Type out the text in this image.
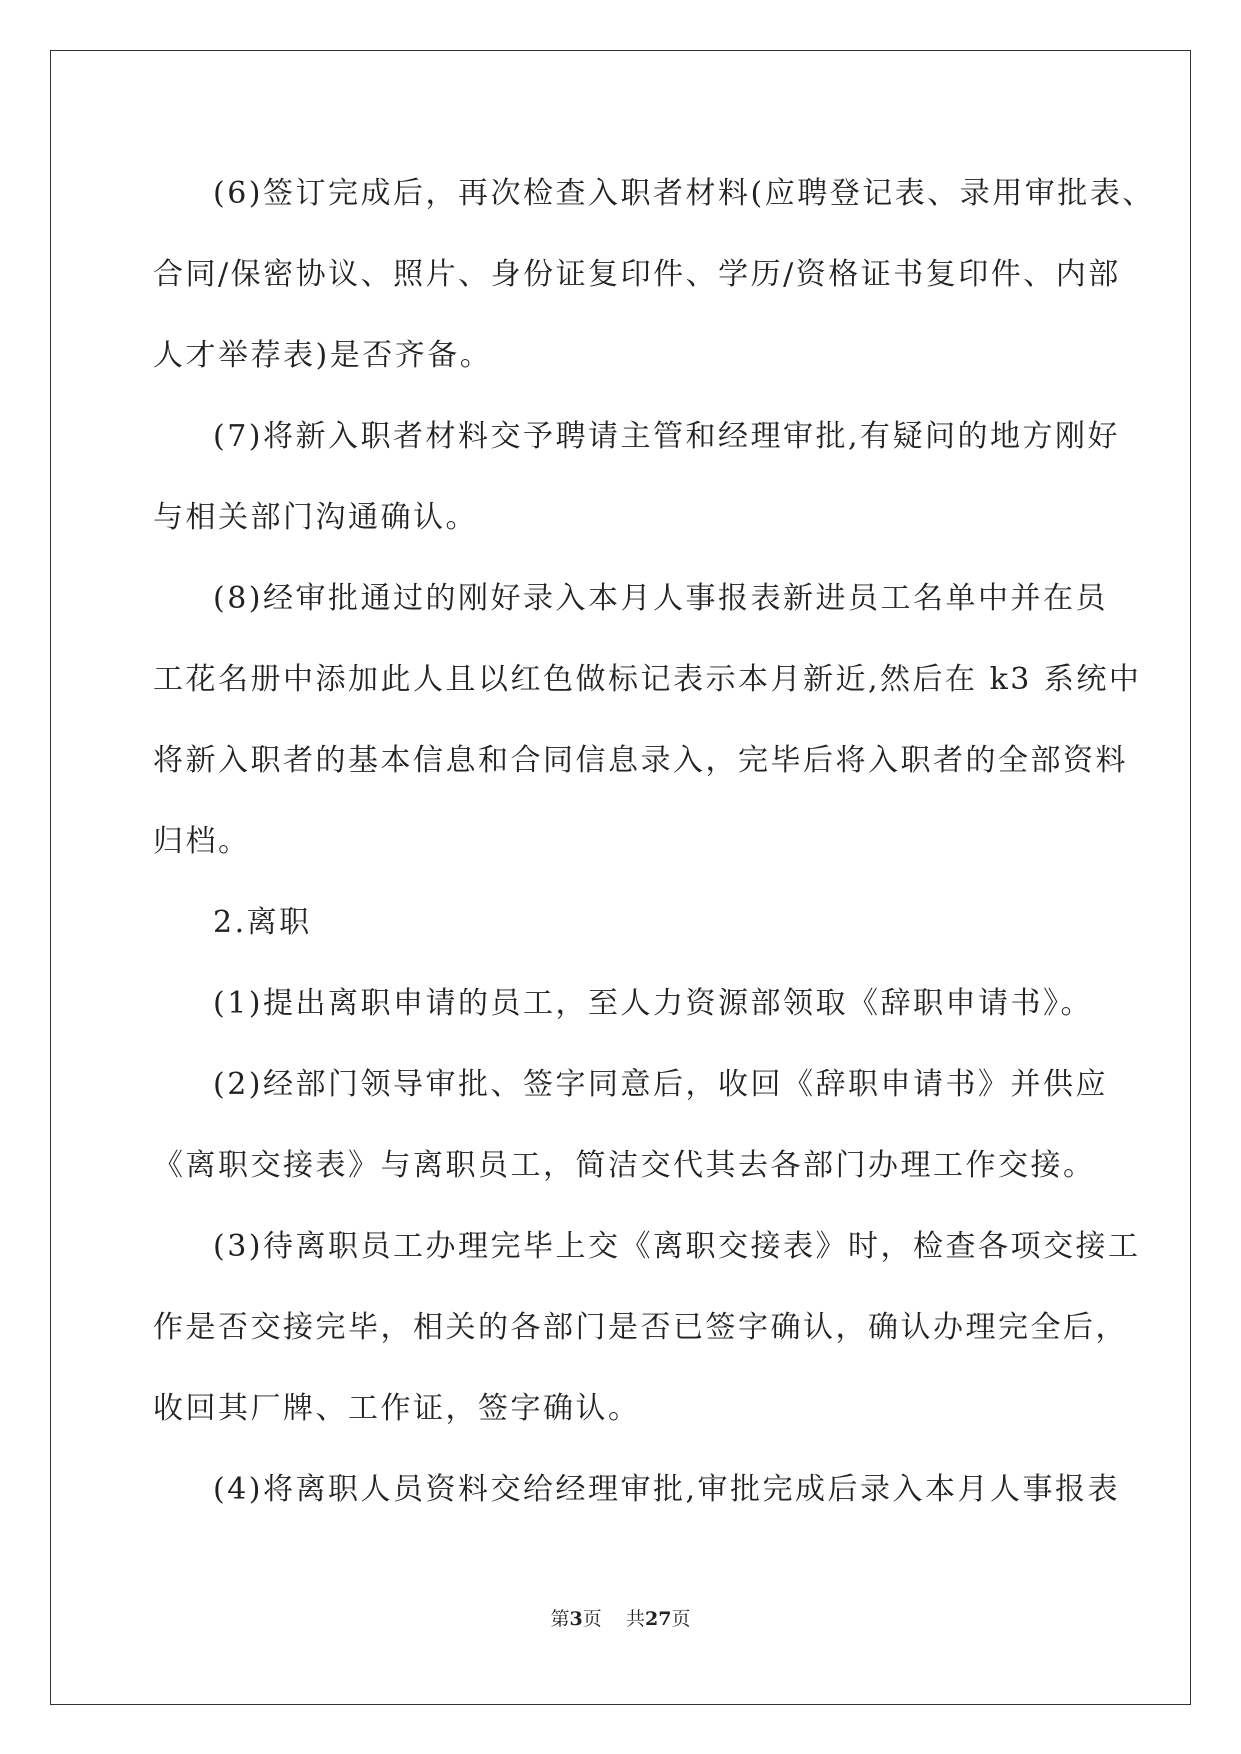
(6)签订完成后，再次检查入职者材料(应聘登记表、录用审批表、

合同/保密协议、照片、身份证复印件、学历/资格证书复印件、内部

人才举荐表)是否齐备。

(7)将新入职者材料交予聘请主管和经理审批,有疑问的地方刚好

与相关部门沟通确认。

(8)经审批通过的刚好录入本月人事报表新进员工名单中并在员

工花名册中添加此人且以红色做标记表示本月新近,然后在 k3 系统中

将新入职者的基本信息和合同信息录入，完毕后将入职者的全部资料

归档。

2.离职

(1)提出离职申请的员工，至人力资源部领取《辞职申请书》。

(2)经部门领导审批、签字同意后，收回《辞职申请书》并供应

《离职交接表》与离职员工，简洁交代其去各部门办理工作交接。

(3)待离职员工办理完毕上交《离职交接表》时，检查各项交接工

作是否交接完毕，相关的各部门是否已签字确认，确认办理完全后，

收回其厂牌、工作证，签字确认。

(4)将离职人员资料交给经理审批,审批完成后录入本月人事报表

第3页 共27页
